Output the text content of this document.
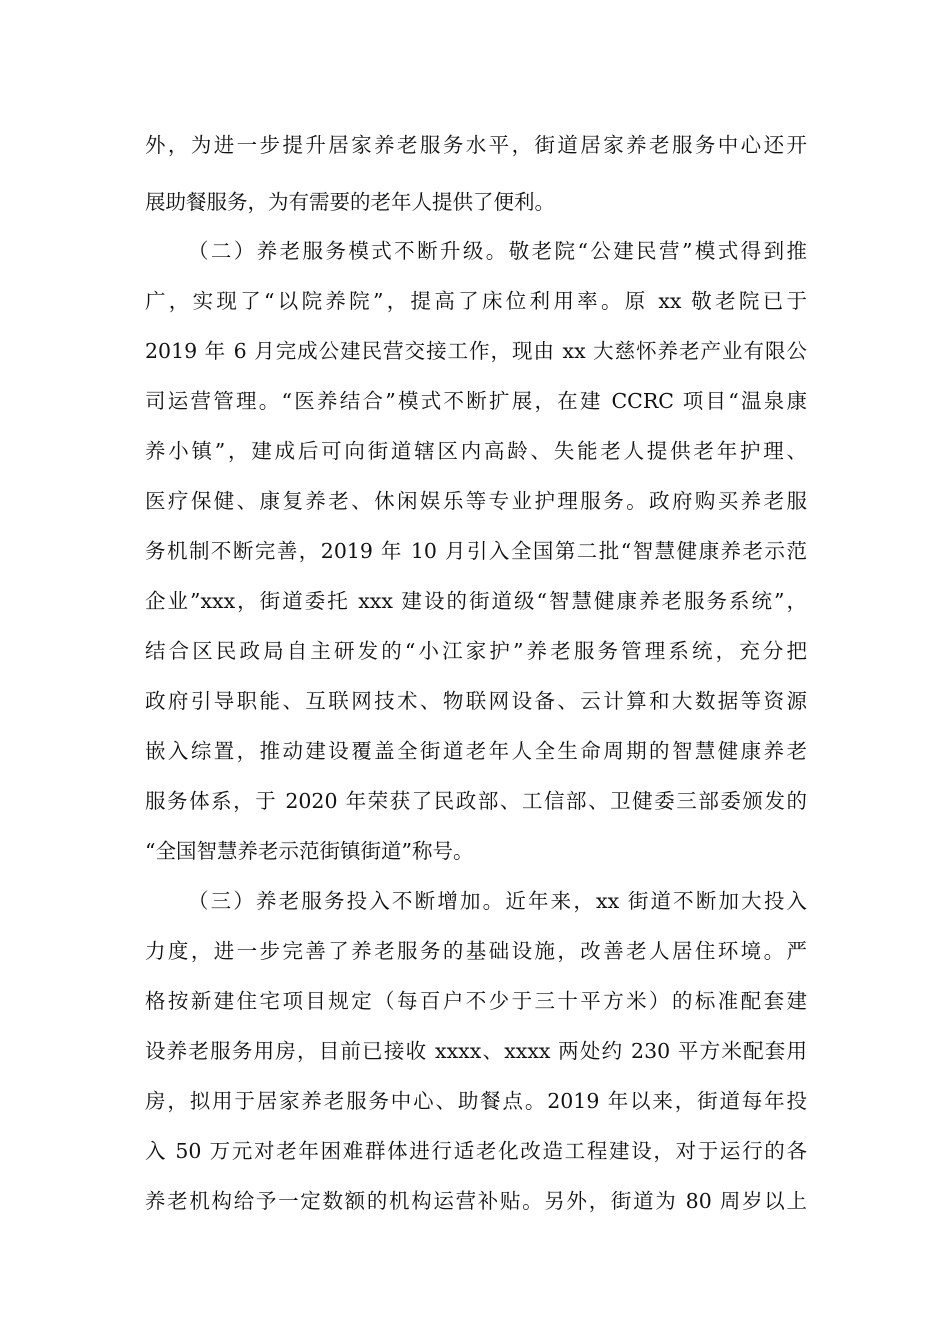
外，为进一步提升居家养老服务水平，街道居家养老服务中心还开
展助餐服务，为有需要的老年人提供了便利。
（二）养老服务模式不断升级。敬老院“公建民营”模式得到推
广，实现了“以院养院”，提高了床位利用率。原 xx 敬老院已于
2019 年 6 月完成公建民营交接工作，现由 xx 大慈怀养老产业有限公
司运营管理。“医养结合”模式不断扩展，在建 CCRC 项目“温泉康
养小镇”，建成后可向街道辖区内高龄、失能老人提供老年护理、
医疗保健、康复养老、休闲娱乐等专业护理服务。政府购买养老服
务机制不断完善，2019 年 10 月引入全国第二批“智慧健康养老示范
企业”xxx，街道委托 xxx 建设的街道级“智慧健康养老服务系统”，
结合区民政局自主研发的“小江家护”养老服务管理系统，充分把
政府引导职能、互联网技术、物联网设备、云计算和大数据等资源
嵌入综置，推动建设覆盖全街道老年人全生命周期的智慧健康养老
服务体系，于 2020 年荣获了民政部、工信部、卫健委三部委颁发的
“全国智慧养老示范街镇街道”称号。
（三）养老服务投入不断增加。近年来，xx 街道不断加大投入
力度，进一步完善了养老服务的基础设施，改善老人居住环境。严
格按新建住宅项目规定（每百户不少于三十平方米）的标准配套建
设养老服务用房，目前已接收 xxxx、xxxx 两处约 230 平方米配套用
房，拟用于居家养老服务中心、助餐点。2019 年以来，街道每年投
入 50 万元对老年困难群体进行适老化改造工程建设，对于运行的各
养老机构给予一定数额的机构运营补贴。另外，街道为 80 周岁以上
